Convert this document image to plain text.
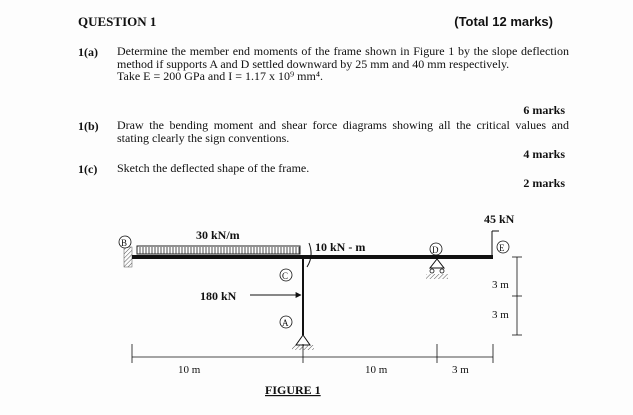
QUESTION 1	(Total 12 marks)
1(a) Determine the member end moments of the frame shown in Figure 1 by the slope deflection method if supports A and D settled downward by 25 mm and 40 mm respectively.
Take E = 200 GPa and I = 1.17 x 10⁹ mm⁴.
6 marks
1(b) Draw the bending moment and shear force diagrams showing all the critical values and stating clearly the sign conventions.
4 marks
1(c) Sketch the deflected shape of the frame.
2 marks
30 kN/m
B
C
A
D	E
10 kN - m
180 kN
45 kN
3 m
3 m
10 m	10 m	3 m
FIGURE 1
